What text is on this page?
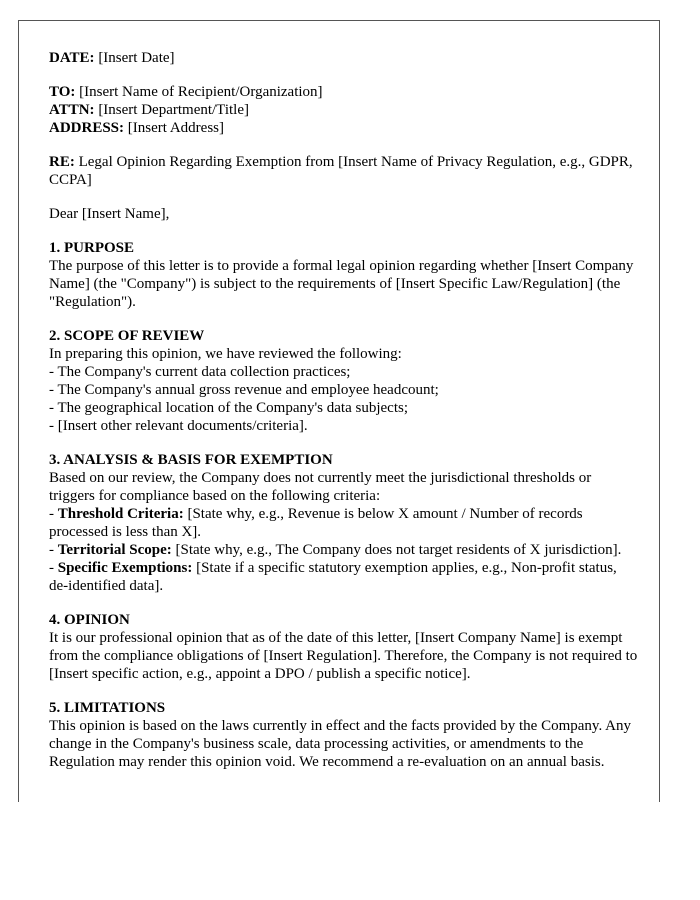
DATE: [Insert Date]

TO: [Insert Name of Recipient/Organization]

ATTN: [Insert Department/Title]

ADDRESS: [Insert Address]

RE: Legal Opinion Regarding Exemption from [Insert Name of Privacy Regulation, e.g., GDPR, CCPA]

Dear [Insert Name],

1. PURPOSE

The purpose of this letter is to provide a formal legal opinion regarding whether [Insert Company Name] (the "Company") is subject to the requirements of [Insert Specific Law/Regulation] (the "Regulation").

2. SCOPE OF REVIEW

In preparing this opinion, we have reviewed the following:

- The Company's current data collection practices;
- The Company's annual gross revenue and employee headcount;
- The geographical location of the Company's data subjects;
- [Insert other relevant documents/criteria].

3. ANALYSIS & BASIS FOR EXEMPTION

Based on our review, the Company does not currently meet the jurisdictional thresholds or triggers for compliance based on the following criteria:

- Threshold Criteria: [State why, e.g., Revenue is below X amount / Number of records processed is less than X].

- Territorial Scope: [State why, e.g., The Company does not target residents of X jurisdiction].

- Specific Exemptions: [State if a specific statutory exemption applies, e.g., Non-profit status, de-identified data].

4. OPINION

It is our professional opinion that as of the date of this letter, [Insert Company Name] is exempt from the compliance obligations of [Insert Regulation]. Therefore, the Company is not required to [Insert specific action, e.g., appoint a DPO / publish a specific notice].

5. LIMITATIONS

This opinion is based on the laws currently in effect and the facts provided by the Company. Any change in the Company's business scale, data processing activities, or amendments to the Regulation may render this opinion void. We recommend a re-evaluation on an annual basis.
